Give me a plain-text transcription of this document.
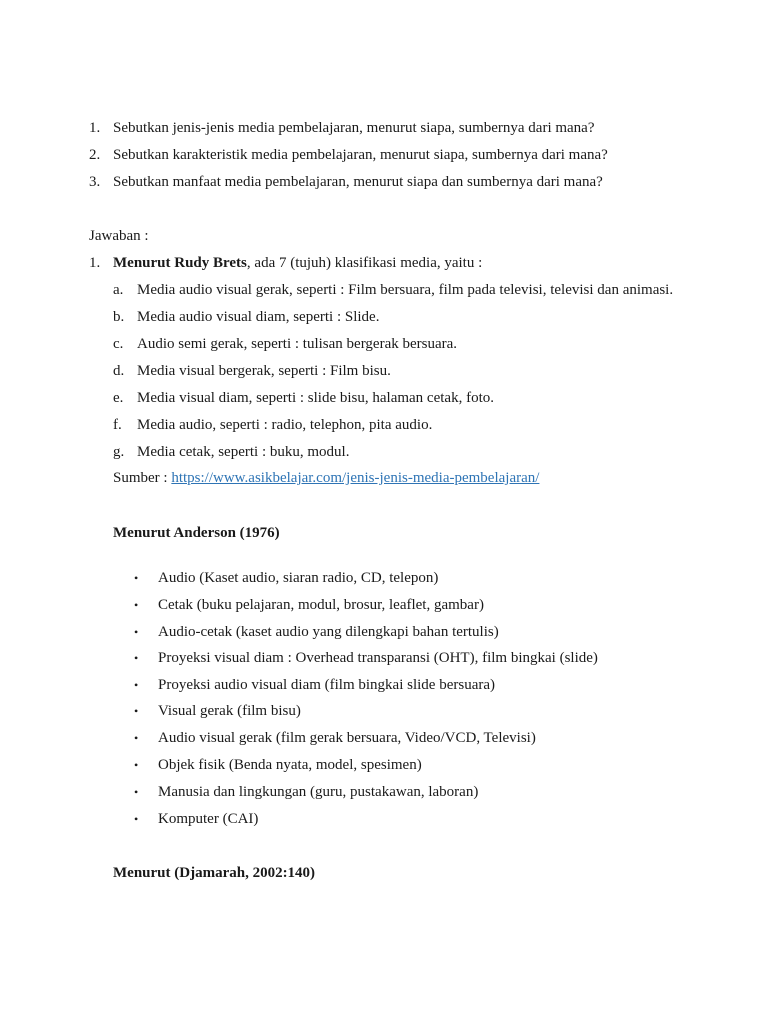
1. Sebutkan jenis-jenis media pembelajaran, menurut siapa, sumbernya dari mana?
2. Sebutkan karakteristik media pembelajaran, menurut siapa, sumbernya dari mana?
3. Sebutkan manfaat media pembelajaran, menurut siapa dan sumbernya dari mana?
Jawaban :
1. Menurut Rudy Brets, ada 7 (tujuh) klasifikasi media, yaitu :
a. Media audio visual gerak, seperti : Film bersuara, film pada televisi, televisi dan animasi.
b. Media audio visual diam, seperti : Slide.
c. Audio semi gerak, seperti : tulisan bergerak bersuara.
d. Media visual bergerak, seperti : Film bisu.
e. Media visual diam, seperti : slide bisu, halaman cetak, foto.
f. Media audio, seperti : radio, telephon, pita audio.
g. Media cetak, seperti : buku, modul.
Sumber : https://www.asikbelajar.com/jenis-jenis-media-pembelajaran/
Menurut Anderson (1976)
• Audio (Kaset audio, siaran radio, CD, telepon)
• Cetak (buku pelajaran, modul, brosur, leaflet, gambar)
• Audio-cetak (kaset audio yang dilengkapi bahan tertulis)
• Proyeksi visual diam : Overhead transparansi (OHT), film bingkai (slide)
• Proyeksi audio visual diam (film bingkai slide bersuara)
• Visual gerak (film bisu)
• Audio visual gerak (film gerak bersuara, Video/VCD, Televisi)
• Objek fisik (Benda nyata, model, spesimen)
• Manusia dan lingkungan (guru, pustakawan, laboran)
• Komputer (CAI)
Menurut (Djamarah, 2002:140)
